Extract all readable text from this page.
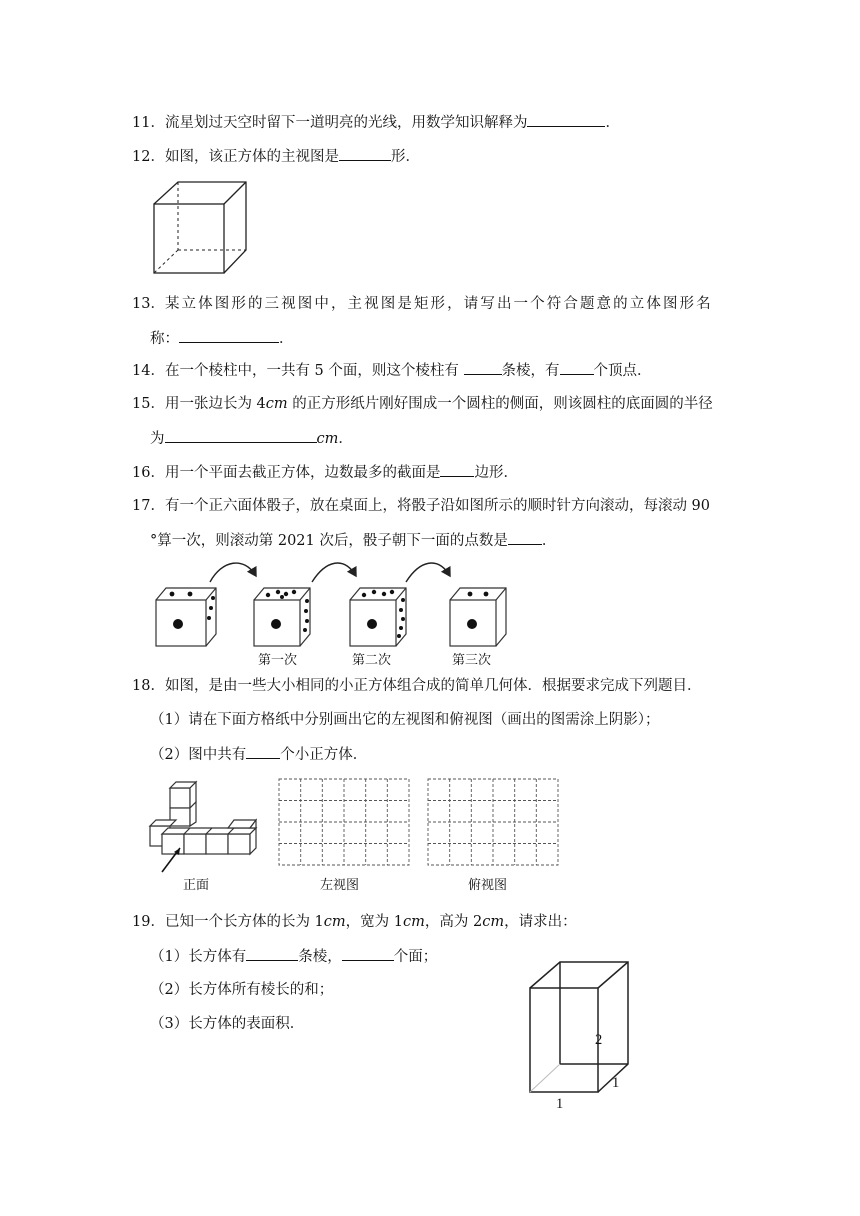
11．流星划过天空时留下一道明亮的光线，用数学知识解释为	．
12．如图，该正方体的主视图是	形．
13．某立体图形的三视图中，主视图是矩形，请写出一个符合题意的立体图形名
称：	．
14．在一个棱柱中，一共有 5 个面，则这个棱柱有	条棱，有 个顶点．
15．用一张边长为 4cm 的正方形纸片刚好围成一个圆柱的侧面，则该圆柱的底面圆的半径
为	cm．
16．用一个平面去截正方体，边数最多的截面是 边形．
17．有一个正六面体骰子，放在桌面上，将骰子沿如图所示的顺时针方向滚动，每滚动 90
°算一次，则滚动第 2021 次后，骰子朝下一面的点数是 ．
第一次	第二次	第三次
18．如图，是由一些大小相同的小正方体组合成的简单几何体．根据要求完成下列题目．
（1）请在下面方格纸中分别画出它的左视图和俯视图（画出的图需涂上阴影）；
（2）图中共有 个小正方体．
正面	左视图	俯视图
19．已知一个长方体的长为 1cm，宽为 1cm，高为 2cm，请求出：
（1）长方体有	条棱，	个面；
（2）长方体所有棱长的和；
（3）长方体的表面积．
2
1
1
